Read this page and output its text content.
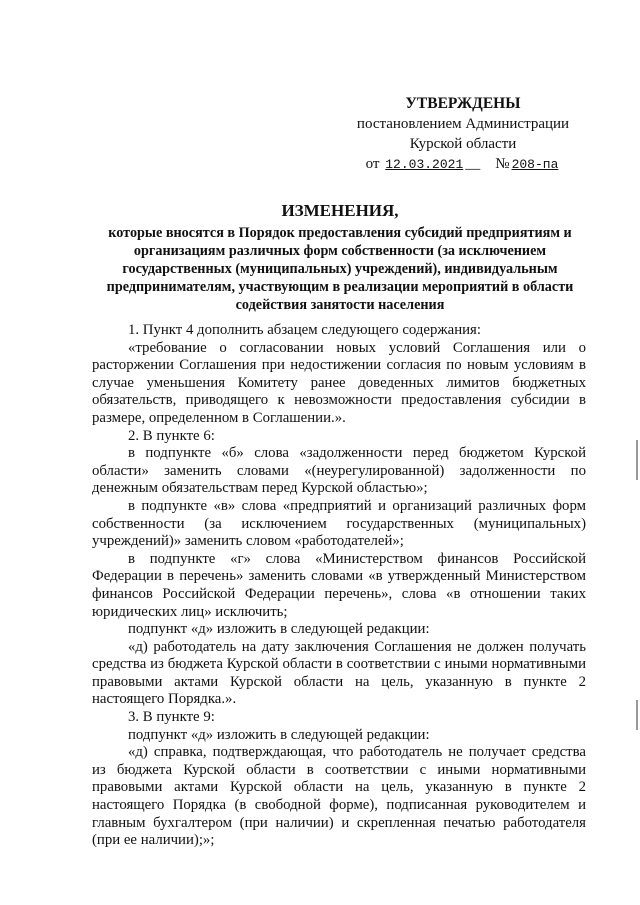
УТВЕРЖДЕНЫ
постановлением Администрации
Курской области
от 12.03.2021 __ № 208-па
ИЗМЕНЕНИЯ,
которые вносятся в Порядок предоставления субсидий предприятиям и организациям различных форм собственности (за исключением государственных (муниципальных) учреждений), индивидуальным предпринимателям, участвующим в реализации мероприятий в области содействия занятости населения

1. Пункт 4 дополнить абзацем следующего содержания:

«требование о согласовании новых условий Соглашения или о расторжении Соглашения при недостижении согласия по новым условиям в случае уменьшения Комитету ранее доведенных лимитов бюджетных обязательств, приводящего к невозможности предоставления субсидии в размере, определенном в Соглашении.».

2. В пункте 6:

в подпункте «б» слова «задолженности перед бюджетом Курской области» заменить словами «(неурегулированной) задолженности по денежным обязательствам перед Курской областью»;

в подпункте «в» слова «предприятий и организаций различных форм собственности (за исключением государственных (муниципальных) учреждений)» заменить словом «работодателей»;

в подпункте «г» слова «Министерством финансов Российской Федерации в перечень» заменить словами «в утвержденный Министерством финансов Российской Федерации перечень», слова «в отношении таких юридических лиц» исключить;

подпункт «д» изложить в следующей редакции:

«д) работодатель на дату заключения Соглашения не должен получать средства из бюджета Курской области в соответствии с иными нормативными правовыми актами Курской области на цель, указанную в пункте 2 настоящего Порядка.».

3. В пункте 9:

подпункт «д» изложить в следующей редакции:

«д) справка, подтверждающая, что работодатель не получает средства из бюджета Курской области в соответствии с иными нормативными правовыми актами Курской области на цель, указанную в пункте 2 настоящего Порядка (в свободной форме), подписанная руководителем и главным бухгалтером (при наличии) и скрепленная печатью работодателя (при ее наличии);»;
